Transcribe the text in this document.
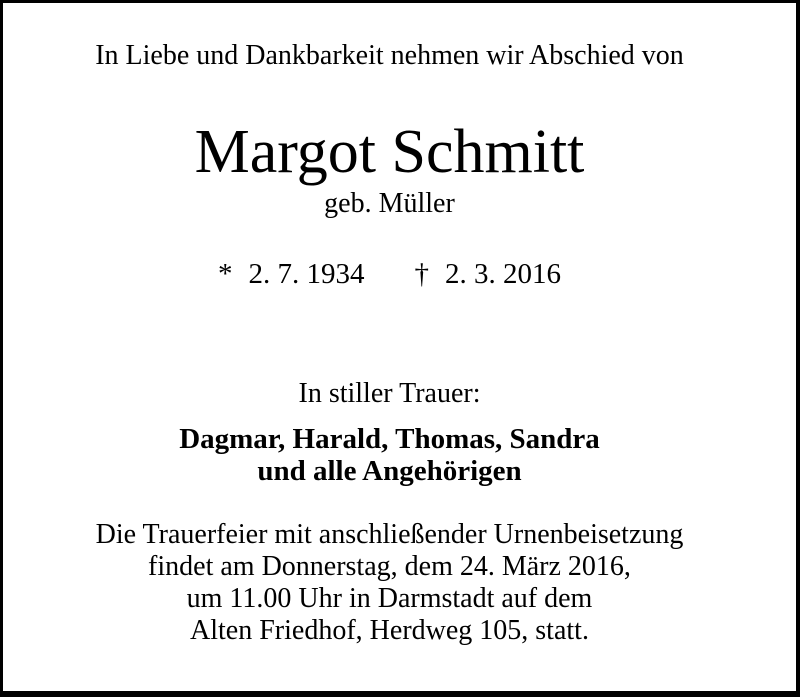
In Liebe und Dankbarkeit nehmen wir Abschied von
Margot Schmitt
geb. Müller
* 2. 7. 1934 † 2. 3. 2016
In stiller Trauer:
Dagmar, Harald, Thomas, Sandra
und alle Angehörigen
Die Trauerfeier mit anschließender Urnenbeisetzung
findet am Donnerstag, dem 24. März 2016,
um 11.00 Uhr in Darmstadt auf dem
Alten Friedhof, Herdweg 105, statt.
